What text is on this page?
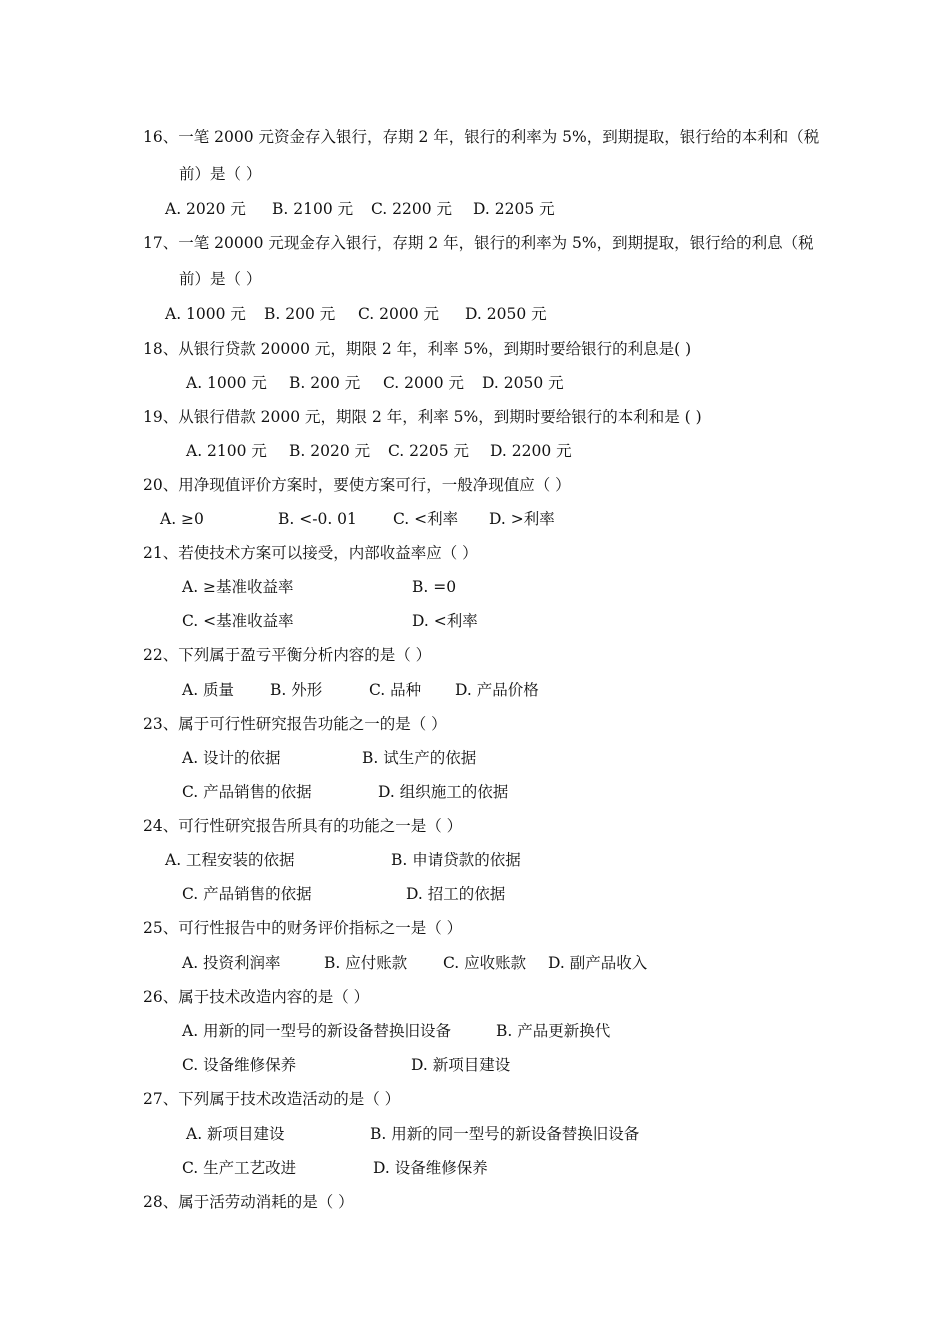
16、一笔 2000 元资金存入银行，存期 2 年，银行的利率为 5%，到期提取，银行给的本利和（税
前）是（ ）
A. 2020 元 B. 2100 元 C. 2200 元 D. 2205 元
17、一笔 20000 元现金存入银行，存期 2 年，银行的利率为 5%，到期提取，银行给的利息（税
前）是（ ）
A. 1000 元 B. 200 元 C. 2000 元 D. 2050 元
18、从银行贷款 20000 元，期限 2 年，利率 5%，到期时要给银行的利息是( )
A. 1000 元 B. 200 元 C. 2000 元 D. 2050 元
19、从银行借款 2000 元，期限 2 年，利率 5%，到期时要给银行的本利和是 ( )
A. 2100 元 B. 2020 元 C. 2205 元 D. 2200 元
20、用净现值评价方案时，要使方案可行，一般净现值应（ ）
A. ≥0	B. <-0. 01 C. <利率 D. >利率
21、若使技术方案可以接受，内部收益率应（ ）
A. ≥基准收益率	B. =0
C. <基准收益率	D. <利率
22、下列属于盈亏平衡分析内容的是（ ）
A. 质量 B. 外形	C. 品种 D. 产品价格
23、属于可行性研究报告功能之一的是（ ）
A. 设计的依据	B. 试生产的依据
C. 产品销售的依据	D. 组织施工的依据
24、可行性研究报告所具有的功能之一是（ ）
A. 工程安装的依据	B. 申请贷款的依据
C. 产品销售的依据	D. 招工的依据
25、可行性报告中的财务评价指标之一是（ ）
A. 投资利润率	B. 应付账款 C. 应收账款 D. 副产品收入
26、属于技术改造内容的是（ ）
A. 用新的同一型号的新设备替换旧设备	B. 产品更新换代
C. 设备维修保养	D. 新项目建设
27、下列属于技术改造活动的是（ ）
A. 新项目建设	B. 用新的同一型号的新设备替换旧设备
C. 生产工艺改进	D. 设备维修保养
28、属于活劳动消耗的是（ ）
